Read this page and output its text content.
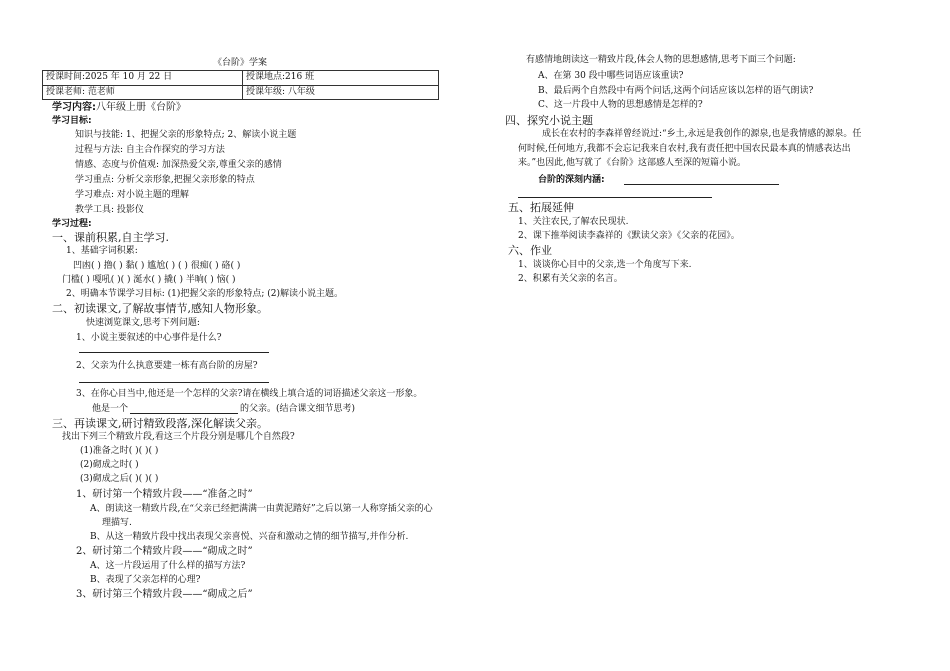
《台阶》学案
授课时间:2025 年 10 月 22 日	授课地点:216 班
授课老师: 范老师	授课年级: 八年级
学习内容:八年级上册《台阶》
学习目标:
知识与技能: 1、把握父亲的形象特点; 2、解读小说主题
过程与方法: 自主合作探究的学习方法
情感、态度与价值观: 加深热爱父亲,尊重父亲的感情
学习重点: 分析父亲形象,把握父亲形象的特点
学习难点: 对小说主题的理解
教学工具: 投影仪
学习过程:
一、课前积累,自主学习.
1、基础字词积累:
凹凼( ) 撸( ) 黏( ) 尴尬( ) ( ) 很痴( ) 硌( )
门槛( ) 嘎吼( )( ) 涎水( ) 撬( ) 半晌( ) 恼( )
2、明确本节课学习目标: (1)把握父亲的形象特点; (2)解读小说主题。
二、初读课文,了解故事情节,感知人物形象。
快速浏览课文,思考下列问题:
1、小说主要叙述的中心事件是什么?
2、父亲为什么执意要建一栋有高台阶的房屋?
3、在你心目当中,他还是一个怎样的父亲?请在横线上填合适的词语描述父亲这一形象。
他是一个	的父亲。(结合课文细节思考)
三、再读课文,研讨精致段落,深化解读父亲。
找出下列三个精致片段,看这三个片段分别是哪几个自然段?
(1)准备之时( )( )( )
(2)砌成之时( )
(3)砌成之后( )( )( )
1、研讨第一个精致片段——“准备之时”
A、朗读这一精致片段,在“父亲已经把满满一由黄泥踏好”之后以第一人称穿插父亲的心
理描写.
B、从这一精致片段中找出表现父亲喜悦、兴奋和激动之情的细节描写,并作分析.
2、研讨第二个精致片段——“砌成之时”
A、这一片段运用了什么样的描写方法?
B、表现了父亲怎样的心理?
3、研讨第三个精致片段——“砌成之后”
有感情地朗读这一精致片段,体会人物的思想感情,思考下面三个问题:
A、在第 30 段中哪些词语应该重读?
B、最后两个自然段中有两个问话,这两个问话应该以怎样的语气朗读?
C、这一片段中人物的思想感情是怎样的?
四、探究小说主题
成长在农村的李森祥曾经说过:“乡土,永远是我创作的源泉,也是我情感的源泉。任
何时候,任何地方,我都不会忘记我来自农村,我有责任把中国农民最本真的情感表达出
来。”也因此,他写就了《台阶》这部感人至深的短篇小说。
台阶的深刻内涵:
五、拓展延伸
1、关注农民,了解农民现状.
2、课下推举阅读李森祥的《默读父亲》《父亲的花园》。
六、作业
1、谈谈你心目中的父亲,选一个角度写下来.
2、积累有关父亲的名言。
